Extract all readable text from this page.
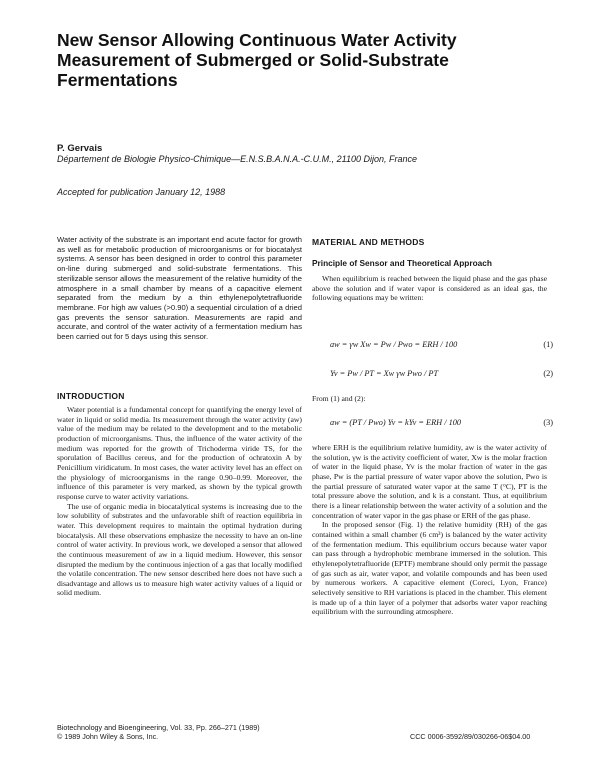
New Sensor Allowing Continuous Water Activity Measurement of Submerged or Solid-Substrate Fermentations
P. Gervais
Département de Biologie Physico-Chimique—E.N.S.B.A.N.A.-C.U.M., 21100 Dijon, France
Accepted for publication January 12, 1988
Water activity of the substrate is an important end acute factor for growth as well as for metabolic production of microorganisms or for biocatalyst systems. A sensor has been designed in order to control this parameter on-line during submerged and solid-substrate fermentations. This sterilizable sensor allows the measurement of the relative humidity of the atmosphere in a small chamber by means of a capacitive element separated from the medium by a thin ethylenepolytetrafluoride membrane. For high aw values (>0.90) a sequential circulation of a dried gas prevents the sensor saturation. Measurements are rapid and accurate, and control of the water activity of a fermentation medium has been carried out for 5 days using this sensor.
INTRODUCTION

Water potential is a fundamental concept for quantifying the energy level of water in liquid or solid media. Its measurement through the water activity (aw) value of the medium may be related to the development and to the metabolic production of microorganisms. Thus, the influence of the water activity of the medium was reported for the growth of Trichoderma viride TS, for the sporulation of Bacillus cereus, and for the production of ochratoxin A by Penicillium viridicatum. In most cases, the water activity level has an effect on the physiology of microorganisms in the range 0.90–0.99. Moreover, the influence of this parameter is very marked, as shown by the typical growth response curve to water activity variations.

The use of organic media in biocatalytical systems is increasing due to the low solubility of substrates and the unfavorable shift of reaction equilibria in water. This development requires to maintain the optimal hydration during biocatalysis. All these observations emphasize the necessity to have an on-line control of water activity. In previous work, we developed a sensor that allowed the continuous measurement of aw in a liquid medium. However, this sensor disrupted the medium by the continuous injection of a gas that locally modified the volatile concentration. The new sensor described here does not have such a disadvantage and allows us to measure high water activity values of a liquid or solid medium.

MATERIAL AND METHODS
Principle of Sensor and Theoretical Approach

When equilibrium is reached between the liquid phase and the gas phase above the solution and if water vapor is considered as an ideal gas, the following equations may be written:

aw = γw Xw = Pw / Pwo = ERH / 100	(1)
Yv = Pw / PT = Xw γw Pwo / PT	(2)

From (1) and (2):

aw = (PT / Pwo) Yv = kYv = ERH / 100	(3)

where ERH is the equilibrium relative humidity, aw is the water activity of the solution, γw is the activity coefficient of water, Xw is the molar fraction of water in the liquid phase, Yv is the molar fraction of water in the gas phase, Pw is the partial pressure of water vapor above the solution, Pwo is the partial pressure of saturated water vapor at the same T (°C), PT is the total pressure above the solution, and k is a constant. Thus, at equilibrium there is a linear relationship between the water activity of a solution and the concentration of water vapor in the gas phase or ERH of the gas phase.

In the proposed sensor (Fig. 1) the relative humidity (RH) of the gas contained within a small chamber (6 cm³) is balanced by the water activity of the fermentation medium. This equilibrium occurs because water vapor can pass through a hydrophobic membrane immersed in the solution. This ethylenepolytetrafluoride (EPTF) membrane should only permit the passage of gas such as air, water vapor, and volatile compounds and has been used by numerous workers. A capacitive element (Coreci, Lyon, France) selectively sensitive to RH variations is placed in the chamber. This element is made up of a thin layer of a polymer that adsorbs water vapor reaching equilibrium with the surrounding atmosphere.

Biotechnology and Bioengineering, Vol. 33, Pp. 266–271 (1989)
© 1989 John Wiley & Sons, Inc.	CCC 0006-3592/89/030266-06$04.00
